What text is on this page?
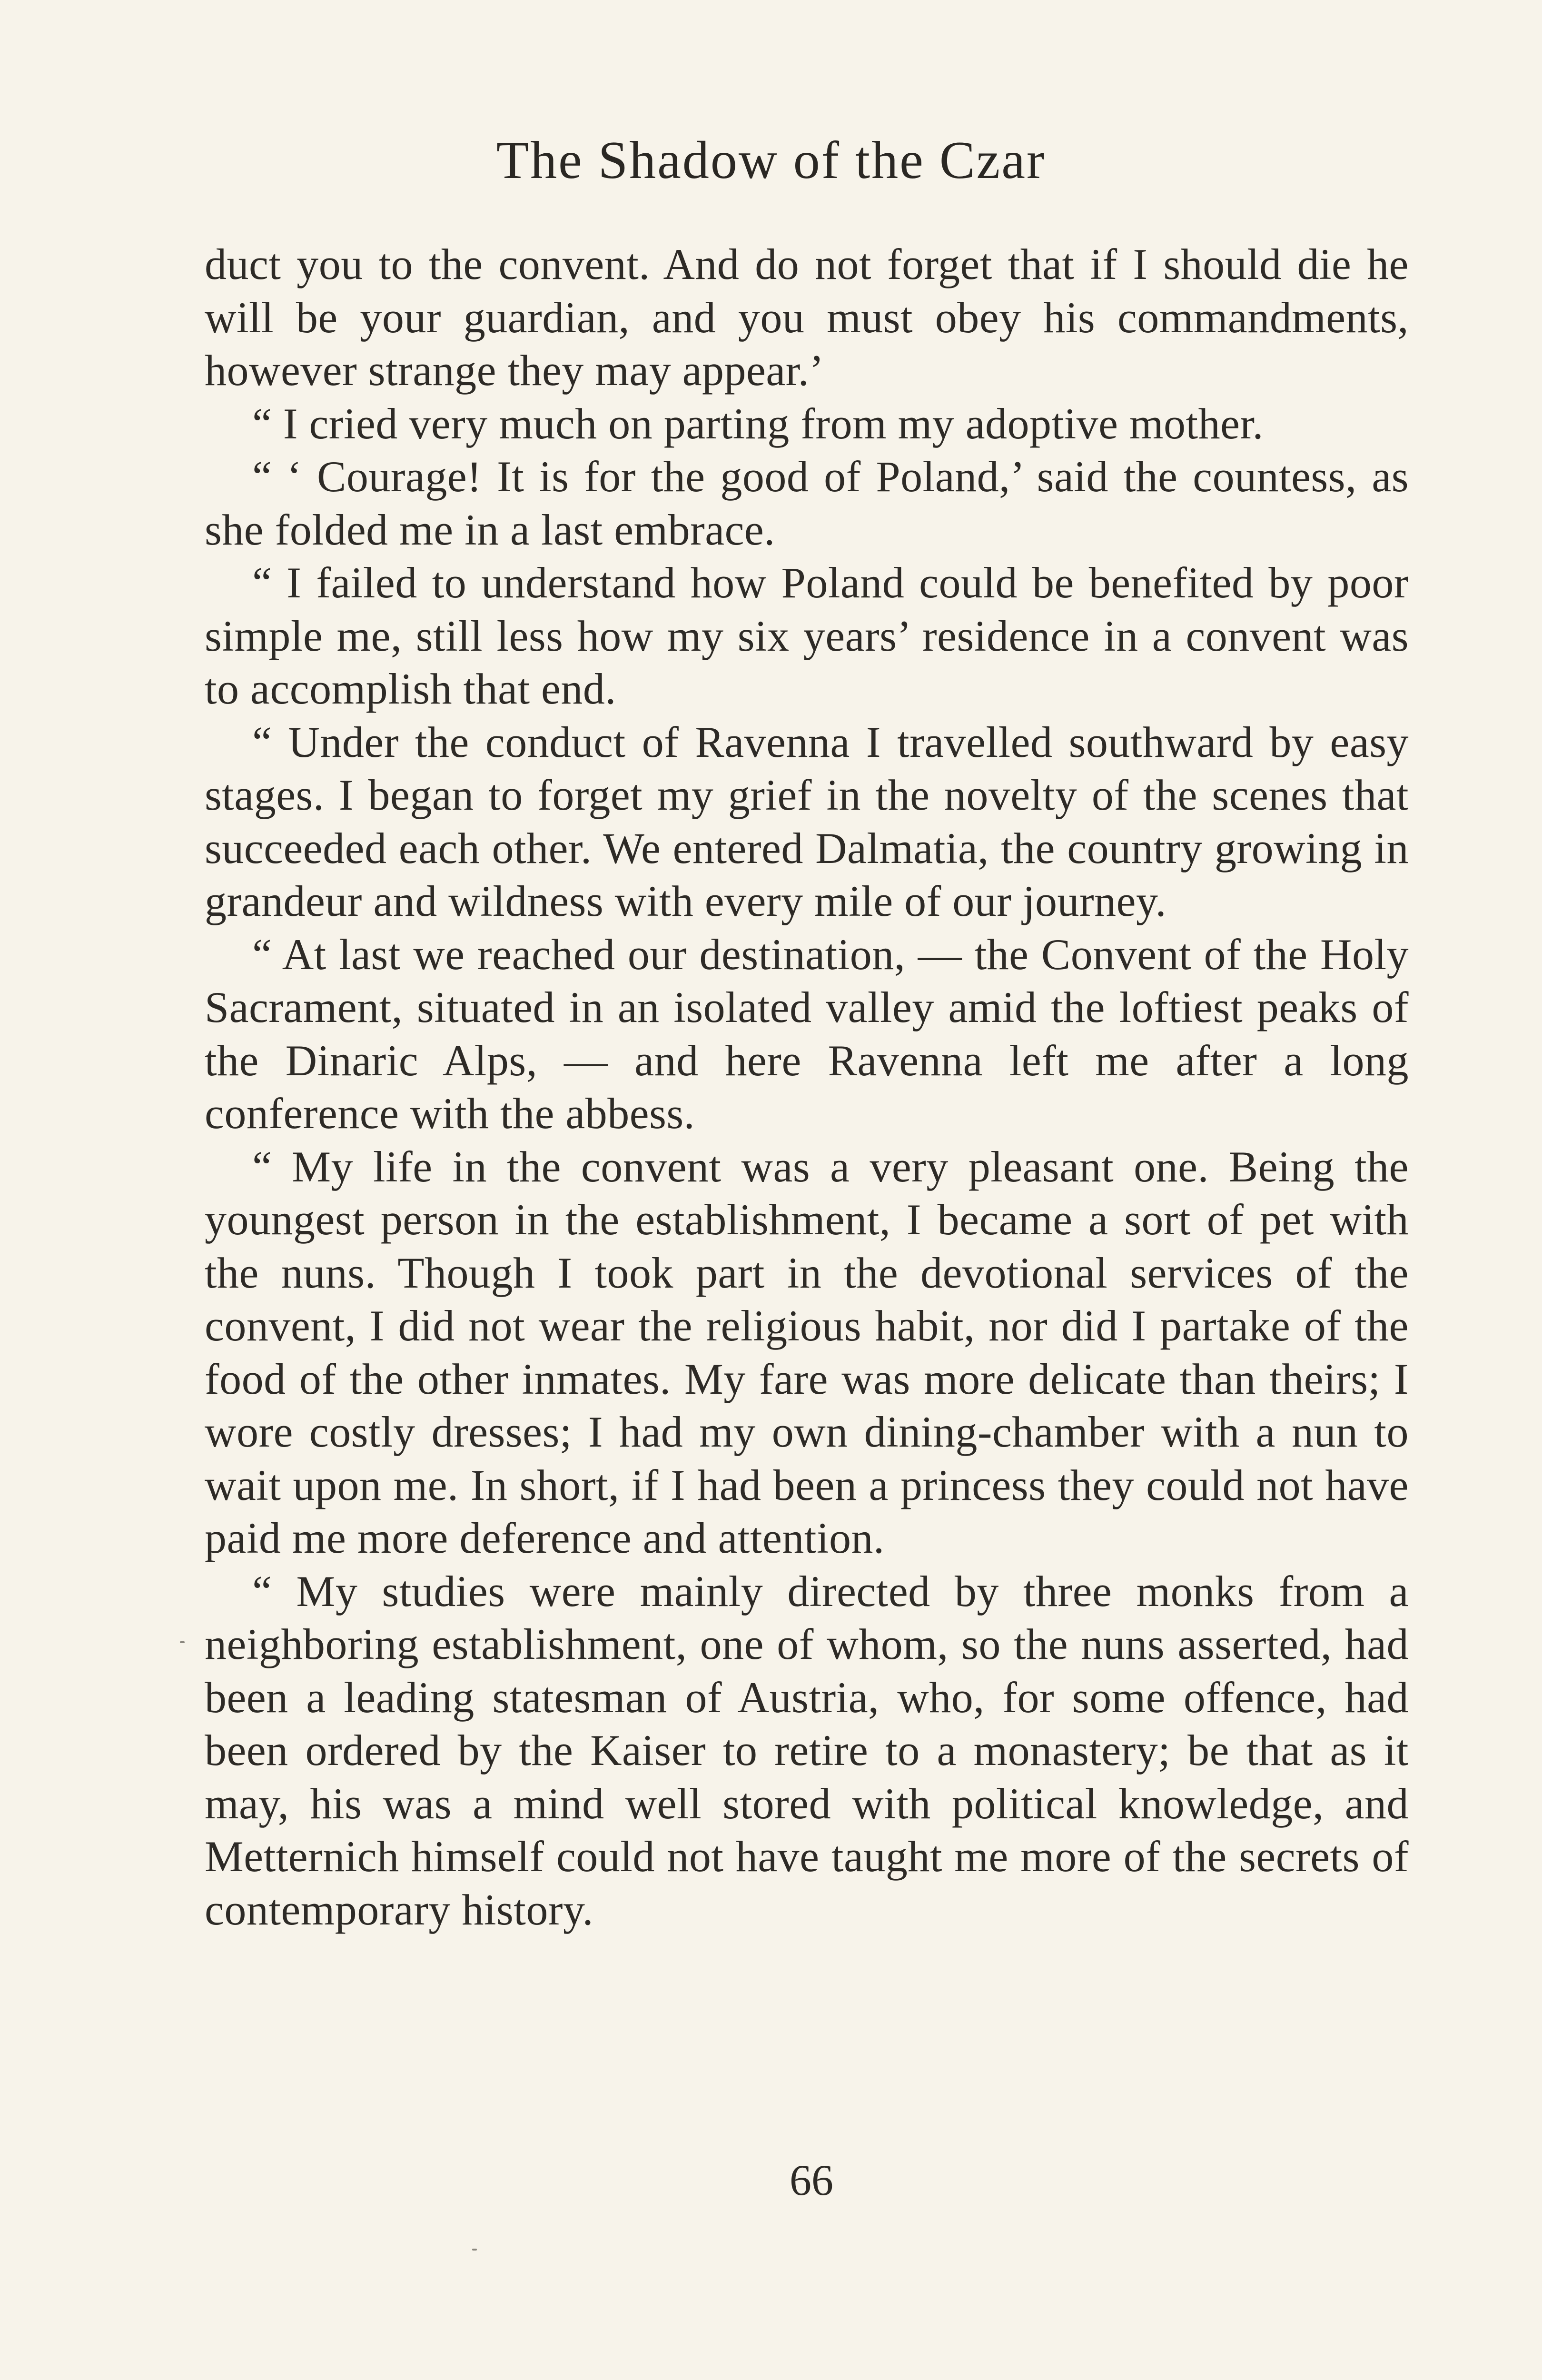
The Shadow of the Czar

duct you to the convent. And do not forget that if I should die he will be your guardian, and you must obey his commandments, however strange they may appear.’

“ I cried very much on parting from my adoptive mother.

“ ‘ Courage! It is for the good of Poland,’ said the countess, as she folded me in a last embrace.

“ I failed to understand how Poland could be benefited by poor simple me, still less how my six years’ residence in a convent was to accomplish that end.

“ Under the conduct of Ravenna I travelled southward by easy stages. I began to forget my grief in the novelty of the scenes that succeeded each other. We entered Dalmatia, the country growing in grandeur and wildness with every mile of our journey.

“ At last we reached our destination, — the Convent of the Holy Sacrament, situated in an isolated valley amid the loftiest peaks of the Dinaric Alps, — and here Ravenna left me after a long conference with the abbess.

“ My life in the convent was a very pleasant one. Being the youngest person in the establishment, I became a sort of pet with the nuns. Though I took part in the devotional services of the convent, I did not wear the religious habit, nor did I partake of the food of the other inmates. My fare was more delicate than theirs; I wore costly dresses; I had my own dining-chamber with a nun to wait upon me. In short, if I had been a princess they could not have paid me more deference and attention.

“ My studies were mainly directed by three monks from a neighboring establishment, one of whom, so the nuns asserted, had been a leading statesman of Austria, who, for some offence, had been ordered by the Kaiser to retire to a monastery; be that as it may, his was a mind well stored with political knowledge, and Metternich himself could not have taught me more of the secrets of contemporary history.

66
